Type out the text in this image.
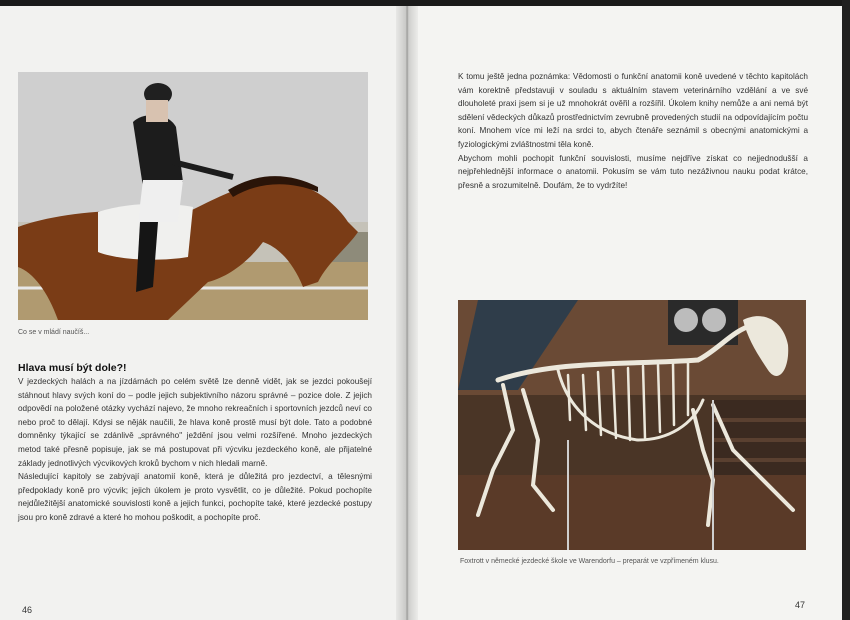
Co se v mládí naučíš...
Hlava musí být dole?!

V jezdeckých halách a na jízdárnách po celém světě lze denně vidět, jak se jezdci pokoušejí stáhnout hlavy svých koní do – podle jejich subjektivního názoru správné – pozice dole. Z jejich odpovědí na položené otázky vychází najevo, že mnoho rekreačních i sportovních jezdců neví co nebo proč to dělají. Kdysi se něják naučili, že hlava koně prostě musí být dole. Tato a podobné domněnky týkající se zdánlivě „správného" ježdění jsou velmi rozšířené. Mnoho jezdeckých metod také přesně popisuje, jak se má postupovat při výcviku jezdeckého koně, ale přijatelné základy jednotlivých výcvikových kroků bychom v nich hledali marně.

Následující kapitoly se zabývají anatomií koně, která je důležitá pro jezdectví, a tělesnými předpoklady koně pro výcvik; jejich úkolem je proto vysvětlit, co je důležité. Pokud pochopíte nejdůležitější anatomické souvislosti koně a jejich funkci, pochopíte také, které jezdecké postupy jsou pro koně zdravé a které ho mohou poškodit, a pochopíte proč.

46

K tomu ještě jedna poznámka: Vědomosti o funkční anatomii koně uvedené v těchto kapitolách vám korektně představuji v souladu s aktuálním stavem veterinárního vzdělání a ve své dlouholeté praxi jsem si je už mnohokrát ověřil a rozšířil. Úkolem knihy nemůže a ani nemá být sdělení vědeckých důkazů prostřednictvím zevrubně provedených studií na odpovídajícím počtu koní. Mnohem více mi leží na srdci to, abych čtenáře seznámil s obecnými anatomickými a fyziologickými zvláštnostmi těla koně.

Abychom mohli pochopit funkční souvislosti, musíme nejdříve získat co nejjednodušší a nejpřehlednější informace o anatomii. Pokusím se vám tuto nezáživnou nauku podat krátce, přesně a srozumitelně. Doufám, že to vydržíte!

Foxtrott v německé jezdecké škole ve Warendorfu – preparát ve vzpřímeném klusu.
47
